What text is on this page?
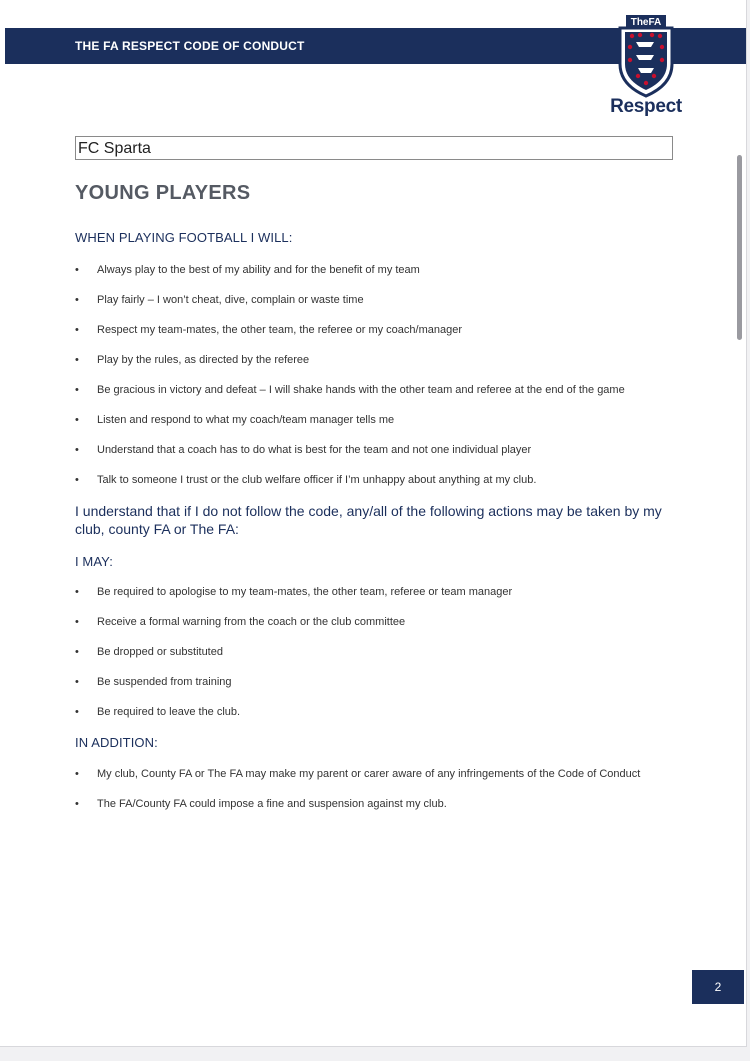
THE FA RESPECT CODE OF CONDUCT
TheFA
Respect
FC Sparta
YOUNG PLAYERS
WHEN PLAYING FOOTBALL I WILL:
• Always play to the best of my ability and for the benefit of my team
• Play fairly – I won’t cheat, dive, complain or waste time
• Respect my team-mates, the other team, the referee or my coach/manager
• Play by the rules, as directed by the referee
• Be gracious in victory and defeat – I will shake hands with the other team and referee at the end of the game
• Listen and respond to what my coach/team manager tells me
• Understand that a coach has to do what is best for the team and not one individual player
• Talk to someone I trust or the club welfare officer if I’m unhappy about anything at my club.
I understand that if I do not follow the code, any/all of the following actions may be taken by my club, county FA or The FA:
I MAY:
• Be required to apologise to my team-mates, the other team, referee or team manager
• Receive a formal warning from the coach or the club committee
• Be dropped or substituted
• Be suspended from training
• Be required to leave the club.
IN ADDITION:
• My club, County FA or The FA may make my parent or carer aware of any infringements of the Code of Conduct
• The FA/County FA could impose a fine and suspension against my club.
2
